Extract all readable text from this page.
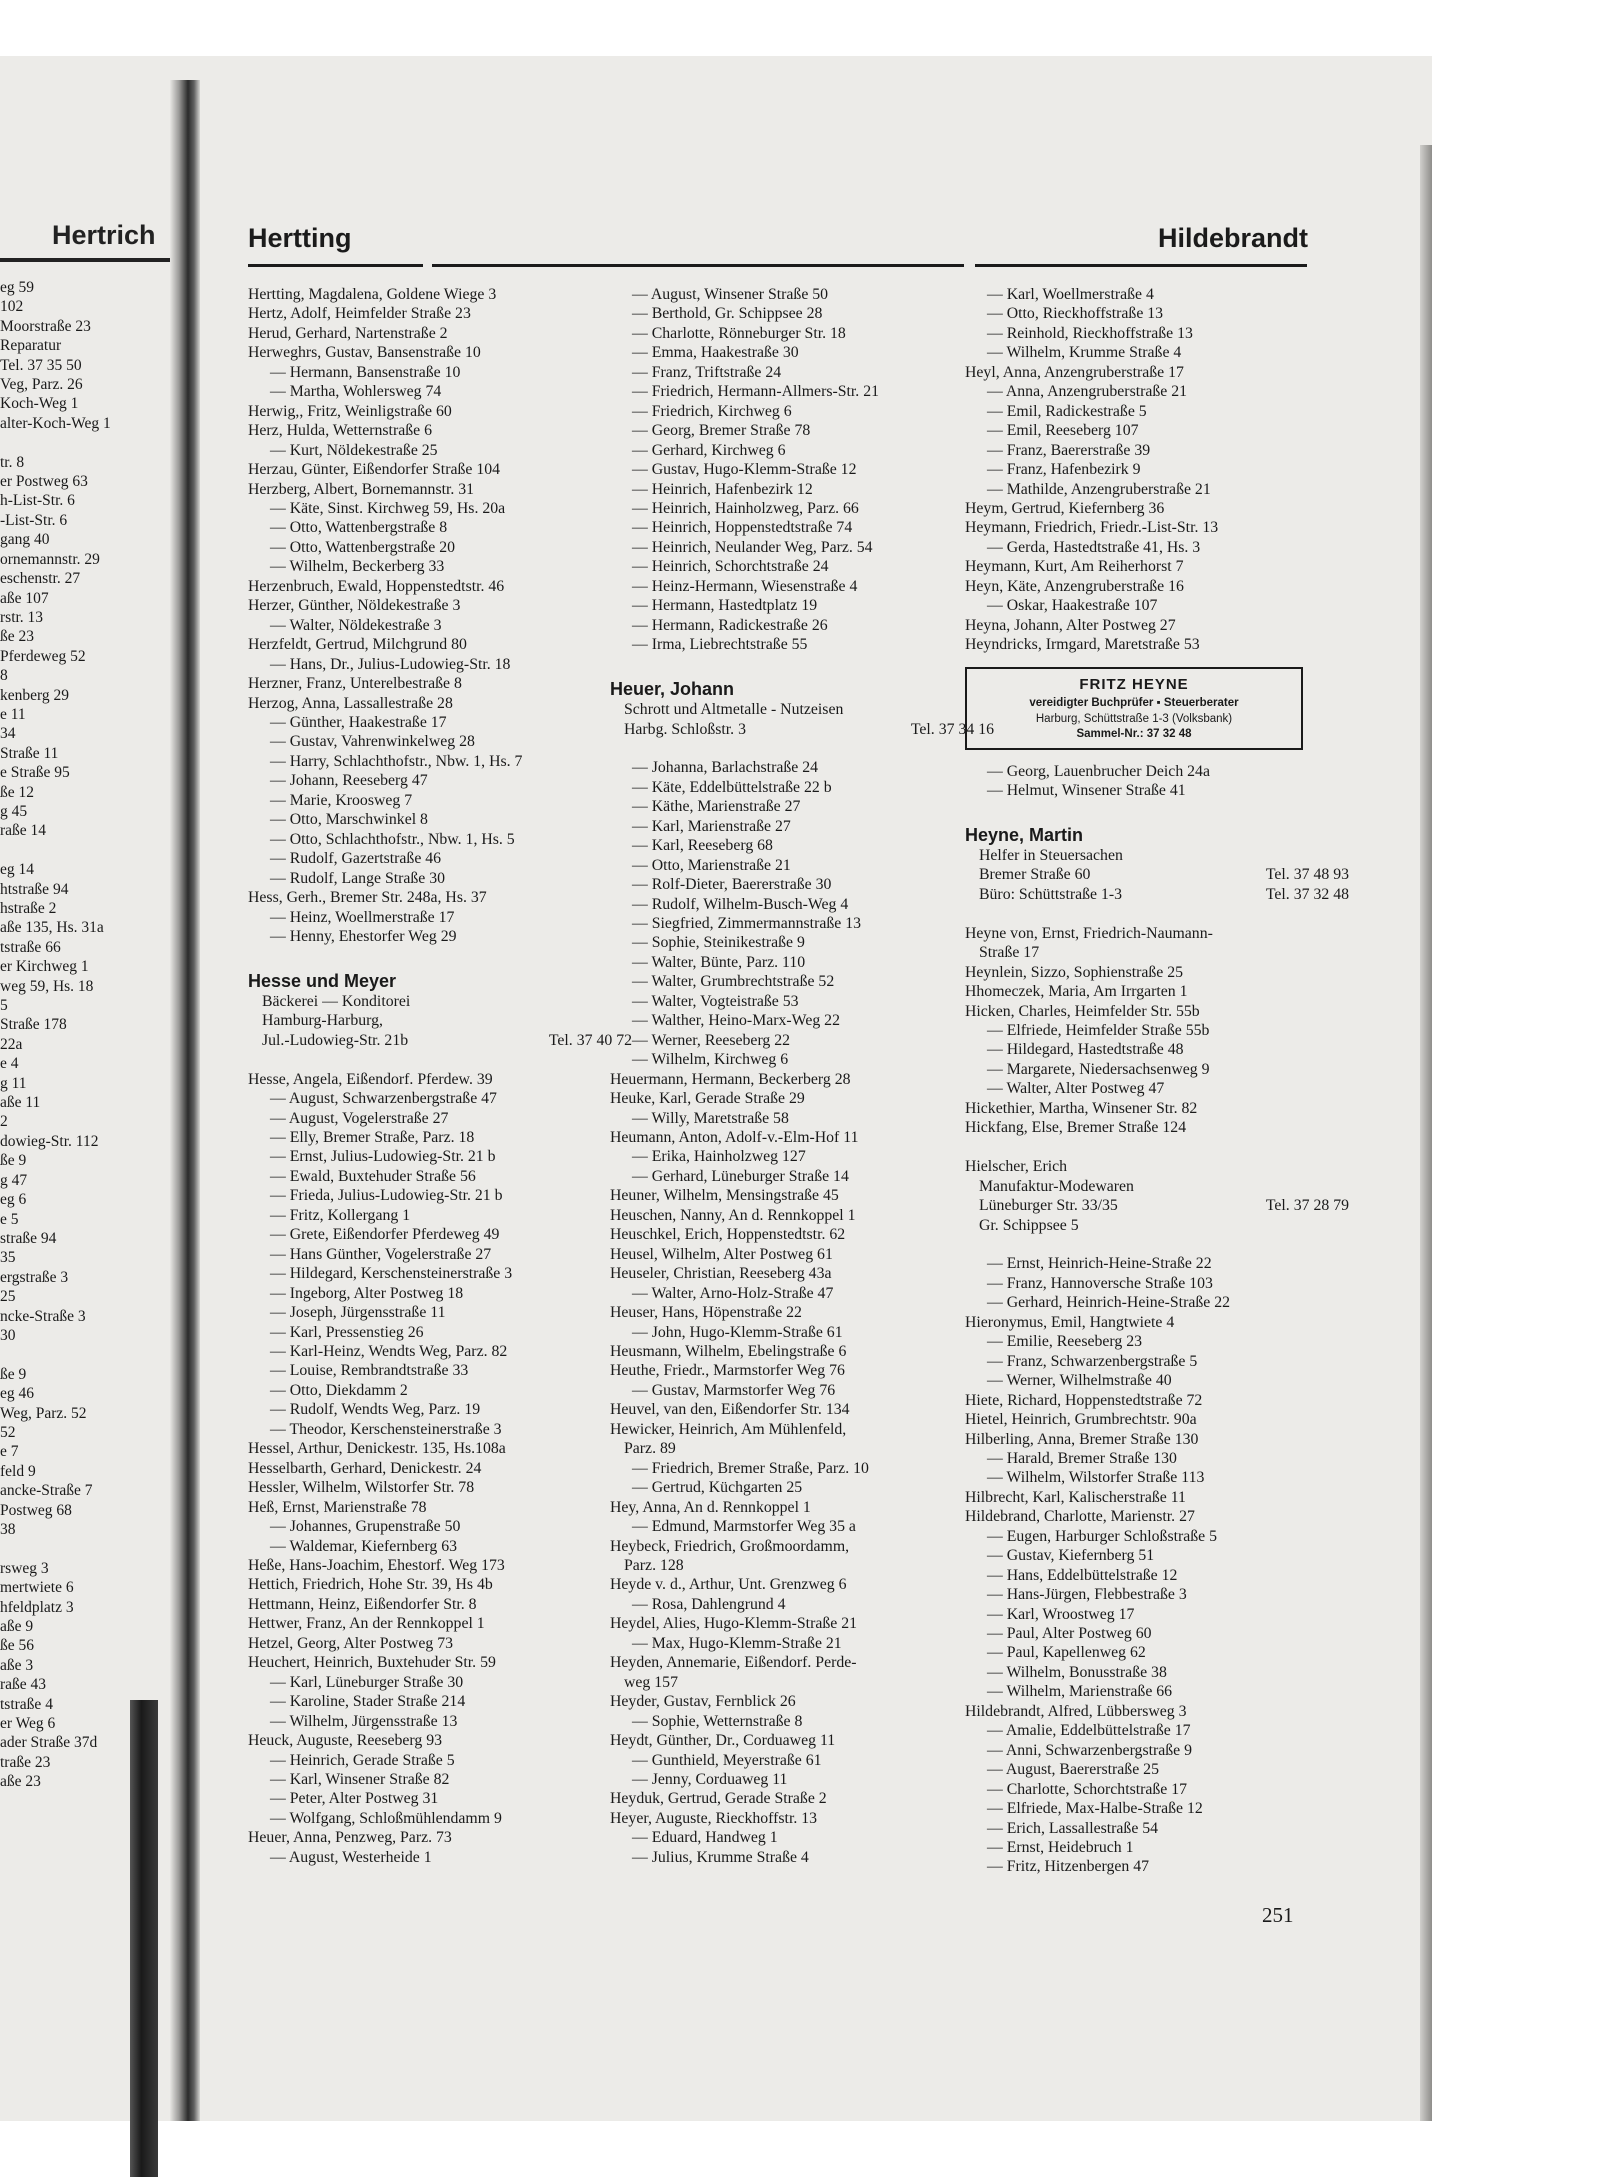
Hertrich
eg 59
102
Moorstraße 23
Reparatur
Tel. 37 35 50
Veg, Parz. 26
Koch-Weg 1
alter-Koch-Weg 1

tr. 8
er Postweg 63
h-List-Str. 6
-List-Str. 6
gang 40
ornemannstr. 29
eschenstr. 27
aße 107
rstr. 13
ße 23
Pferdeweg 52
8
kenberg 29
e 11
34
Straße 11
e Straße 95
ße 12
g 45
raße 14

eg 14
htstraße 94
hstraße 2
aße 135, Hs. 31a
tstraße 66
er Kirchweg 1
weg 59, Hs. 18
5
Straße 178
22a
e 4
g 11
aße 11
2
dowieg-Str. 112
ße 9
g 47
eg 6
e 5
straße 94
35
ergstraße 3
25
ncke-Straße 3
30

ße 9
eg 46
Weg, Parz. 52
52
e 7
feld 9
ancke-Straße 7
Postweg 68
38

rsweg 3
mertwiete 6
hfeldplatz 3
aße 9
ße 56
aße 3
raße 43
tstraße 4
er Weg 6
ader Straße 37d
traße 23
aße 23
Hertting	Hildebrandt
Hertting, Magdalena, Goldene Wiege 3
Hertz, Adolf, Heimfelder Straße 23
Herud, Gerhard, Nartenstraße 2
Herweghrs, Gustav, Bansenstraße 10
— Hermann, Bansenstraße 10
— Martha, Wohlersweg 74
Herwig,, Fritz, Weinligstraße 60
Herz, Hulda, Wetternstraße 6
— Kurt, Nöldekestraße 25
Herzau, Günter, Eißendorfer Straße 104
Herzberg, Albert, Bornemannstr. 31
— Käte, Sinst. Kirchweg 59, Hs. 20a
— Otto, Wattenbergstraße 8
— Otto, Wattenbergstraße 20
— Wilhelm, Beckerberg 33
Herzenbruch, Ewald, Hoppenstedtstr. 46
Herzer, Günther, Nöldekestraße 3
— Walter, Nöldekestraße 3
Herzfeldt, Gertrud, Milchgrund 80
— Hans, Dr., Julius-Ludowieg-Str. 18
Herzner, Franz, Unterelbestraße 8
Herzog, Anna, Lassallestraße 28
— Günther, Haakestraße 17
— Gustav, Vahrenwinkelweg 28
— Harry, Schlachthofstr., Nbw. 1, Hs. 7
— Johann, Reeseberg 47
— Marie, Kroosweg 7
— Otto, Marschwinkel 8
— Otto, Schlachthofstr., Nbw. 1, Hs. 5
— Rudolf, Gazertstraße 46
— Rudolf, Lange Straße 30
Hess, Gerh., Bremer Str. 248a, Hs. 37
— Heinz, Woellmerstraße 17
— Henny, Ehestorfer Weg 29
Hesse und Meyer
Bäckerei — Konditorei
Hamburg-Harburg,
Jul.-Ludowieg-Str. 21b	Tel. 37 40 72
Hesse, Angela, Eißendorf. Pferdew. 39
— August, Schwarzenbergstraße 47
— August, Vogelerstraße 27
— Elly, Bremer Straße, Parz. 18
— Ernst, Julius-Ludowieg-Str. 21 b
— Ewald, Buxtehuder Straße 56
— Frieda, Julius-Ludowieg-Str. 21 b
— Fritz, Kollergang 1
— Grete, Eißendorfer Pferdeweg 49
— Hans Günther, Vogelerstraße 27
— Hildegard, Kerschensteinerstraße 3
— Ingeborg, Alter Postweg 18
— Joseph, Jürgensstraße 11
— Karl, Pressenstieg 26
— Karl-Heinz, Wendts Weg, Parz. 82
— Louise, Rembrandtstraße 33
— Otto, Diekdamm 2
— Rudolf, Wendts Weg, Parz. 19
— Theodor, Kerschensteinerstraße 3
Hessel, Arthur, Denickestr. 135, Hs.108a
Hesselbarth, Gerhard, Denickestr. 24
Hessler, Wilhelm, Wilstorfer Str. 78
Heß, Ernst, Marienstraße 78
— Johannes, Grupenstraße 50
— Waldemar, Kiefernberg 63
Heße, Hans-Joachim, Ehestorf. Weg 173
Hettich, Friedrich, Hohe Str. 39, Hs 4b
Hettmann, Heinz, Eißendorfer Str. 8
Hettwer, Franz, An der Rennkoppel 1
Hetzel, Georg, Alter Postweg 73
Heuchert, Heinrich, Buxtehuder Str. 59
— Karl, Lüneburger Straße 30
— Karoline, Stader Straße 214
— Wilhelm, Jürgensstraße 13
Heuck, Auguste, Reeseberg 93
— Heinrich, Gerade Straße 5
— Karl, Winsener Straße 82
— Peter, Alter Postweg 31
— Wolfgang, Schloßmühlendamm 9
Heuer, Anna, Penzweg, Parz. 73
— August, Westerheide 1
— August, Winsener Straße 50
— Berthold, Gr. Schippsee 28
— Charlotte, Rönneburger Str. 18
— Emma, Haakestraße 30
— Franz, Triftstraße 24
— Friedrich, Hermann-Allmers-Str. 21
— Friedrich, Kirchweg 6
— Georg, Bremer Straße 78
— Gerhard, Kirchweg 6
— Gustav, Hugo-Klemm-Straße 12
— Heinrich, Hafenbezirk 12
— Heinrich, Hainholzweg, Parz. 66
— Heinrich, Hoppenstedtstraße 74
— Heinrich, Neulander Weg, Parz. 54
— Heinrich, Schorchtstraße 24
— Heinz-Hermann, Wiesenstraße 4
— Hermann, Hastedtplatz 19
— Hermann, Radickestraße 26
— Irma, Liebrechtstraße 55
Heuer, Johann
Schrott und Altmetalle - Nutzeisen
Harbg. Schloßstr. 3	Tel. 37 34 16
— Johanna, Barlachstraße 24
— Käte, Eddelbüttelstraße 22 b
— Käthe, Marienstraße 27
— Karl, Marienstraße 27
— Karl, Reeseberg 68
— Otto, Marienstraße 21
— Rolf-Dieter, Baererstraße 30
— Rudolf, Wilhelm-Busch-Weg 4
— Siegfried, Zimmermannstraße 13
— Sophie, Steinikestraße 9
— Walter, Bünte, Parz. 110
— Walter, Grumbrechtstraße 52
— Walter, Vogteistraße 53
— Walther, Heino-Marx-Weg 22
— Werner, Reeseberg 22
— Wilhelm, Kirchweg 6
Heuermann, Hermann, Beckerberg 28
Heuke, Karl, Gerade Straße 29
— Willy, Maretstraße 58
Heumann, Anton, Adolf-v.-Elm-Hof 11
— Erika, Hainholzweg 127
— Gerhard, Lüneburger Straße 14
Heuner, Wilhelm, Mensingstraße 45
Heuschen, Nanny, An d. Rennkoppel 1
Heuschkel, Erich, Hoppenstedtstr. 62
Heusel, Wilhelm, Alter Postweg 61
Heuseler, Christian, Reeseberg 43a
— Walter, Arno-Holz-Straße 47
Heuser, Hans, Höpenstraße 22
— John, Hugo-Klemm-Straße 61
Heusmann, Wilhelm, Ebelingstraße 6
Heuthe, Friedr., Marmstorfer Weg 76
— Gustav, Marmstorfer Weg 76
Heuvel, van den, Eißendorfer Str. 134
Hewicker, Heinrich, Am Mühlenfeld,
Parz. 89
— Friedrich, Bremer Straße, Parz. 10
— Gertrud, Küchgarten 25
Hey, Anna, An d. Rennkoppel 1
— Edmund, Marmstorfer Weg 35 a
Heybeck, Friedrich, Großmoordamm,
Parz. 128
Heyde v. d., Arthur, Unt. Grenzweg 6
— Rosa, Dahlengrund 4
Heydel, Alies, Hugo-Klemm-Straße 21
— Max, Hugo-Klemm-Straße 21
Heyden, Annemarie, Eißendorf. Perde-
weg 157
Heyder, Gustav, Fernblick 26
— Sophie, Wetternstraße 8
Heydt, Günther, Dr., Corduaweg 11
— Gunthield, Meyerstraße 61
— Jenny, Corduaweg 11
Heyduk, Gertrud, Gerade Straße 2
Heyer, Auguste, Rieckhoffstr. 13
— Eduard, Handweg 1
— Julius, Krumme Straße 4
— Karl, Woellmerstraße 4
— Otto, Rieckhoffstraße 13
— Reinhold, Rieckhoffstraße 13
— Wilhelm, Krumme Straße 4
Heyl, Anna, Anzengruberstraße 17
— Anna, Anzengruberstraße 21
— Emil, Radickestraße 5
— Emil, Reeseberg 107
— Franz, Baererstraße 39
— Franz, Hafenbezirk 9
— Mathilde, Anzengruberstraße 21
Heym, Gertrud, Kiefernberg 36
Heymann, Friedrich, Friedr.-List-Str. 13
— Gerda, Hastedtstraße 41, Hs. 3
Heymann, Kurt, Am Reiherhorst 7
Heyn, Käte, Anzengruberstraße 16
— Oskar, Haakestraße 107
Heyna, Johann, Alter Postweg 27
Heyndricks, Irmgard, Maretstraße 53
FRITZ HEYNE
vereidigter Buchprüfer ▪ Steuerberater
Harburg, Schüttstraße 1-3 (Volksbank)
Sammel-Nr.: 37 32 48
— Georg, Lauenbrucher Deich 24a
— Helmut, Winsener Straße 41
Heyne, Martin
Helfer in Steuersachen
Bremer Straße 60	Tel. 37 48 93
Büro: Schüttstraße 1-3	Tel. 37 32 48
Heyne von, Ernst, Friedrich-Naumann-
Straße 17
Heynlein, Sizzo, Sophienstraße 25
Hhomeczek, Maria, Am Irrgarten 1
Hicken, Charles, Heimfelder Str. 55b
— Elfriede, Heimfelder Straße 55b
— Hildegard, Hastedtstraße 48
— Margarete, Niedersachsenweg 9
— Walter, Alter Postweg 47
Hickethier, Martha, Winsener Str. 82
Hickfang, Else, Bremer Straße 124
Hielscher, Erich
Manufaktur-Modewaren
Lüneburger Str. 33/35	Tel. 37 28 79
Gr. Schippsee 5
— Ernst, Heinrich-Heine-Straße 22
— Franz, Hannoversche Straße 103
— Gerhard, Heinrich-Heine-Straße 22
Hieronymus, Emil, Hangtwiete 4
— Emilie, Reeseberg 23
— Franz, Schwarzenbergstraße 5
— Werner, Wilhelmstraße 40
Hiete, Richard, Hoppenstedtstraße 72
Hietel, Heinrich, Grumbrechtstr. 90a
Hilberling, Anna, Bremer Straße 130
— Harald, Bremer Straße 130
— Wilhelm, Wilstorfer Straße 113
Hilbrecht, Karl, Kalischerstraße 11
Hildebrand, Charlotte, Marienstr. 27
— Eugen, Harburger Schloßstraße 5
— Gustav, Kiefernberg 51
— Hans, Eddelbüttelstraße 12
— Hans-Jürgen, Flebbestraße 3
— Karl, Wroostweg 17
— Paul, Alter Postweg 60
— Paul, Kapellenweg 62
— Wilhelm, Bonusstraße 38
— Wilhelm, Marienstraße 66
Hildebrandt, Alfred, Lübbersweg 3
— Amalie, Eddelbüttelstraße 17
— Anni, Schwarzenbergstraße 9
— August, Baererstraße 25
— Charlotte, Schorchtstraße 17
— Elfriede, Max-Halbe-Straße 12
— Erich, Lassallestraße 54
— Ernst, Heidebruch 1
— Fritz, Hitzenbergen 47
251
